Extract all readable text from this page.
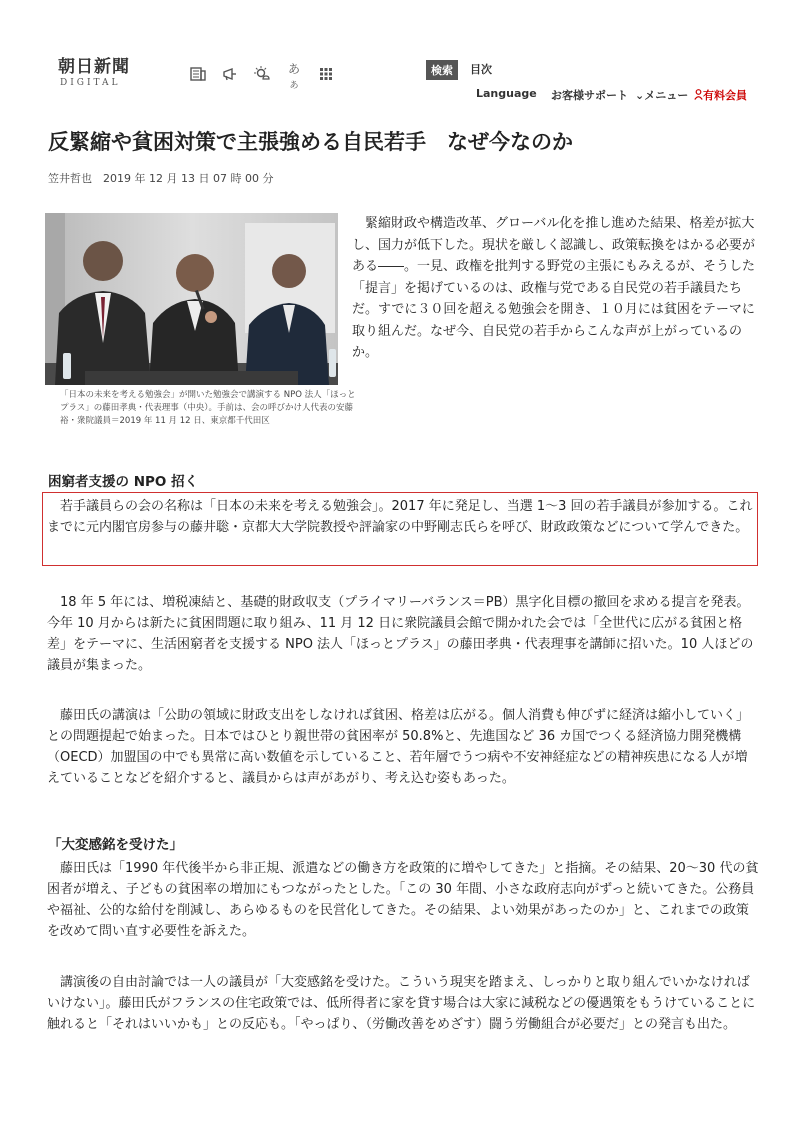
朝日新聞
DIGITAL
ああ
検索	目次
Language お客様サポート ⌄メニュー	有料会員
反緊縮や貧困対策で主張強める自民若手　なぜ今なのか
笠井哲也　2019 年 12 月 13 日 07 時 00 分
「日本の未来を考える勉強会」が開いた勉強会で講演する NPO 法人「ほっとプラス」の藤田孝典・代表理事（中央）。手前は、会の呼びかけ人代表の安藤裕・衆院議員＝2019 年 11 月 12 日、東京都千代田区
　緊縮財政や構造改革、グローバル化を推し進めた結果、格差が拡大し、国力が低下した。現状を厳しく認識し、政策転換をはかる必要がある――。一見、政権を批判する野党の主張にもみえるが、そうした「提言」を掲げているのは、政権与党である自民党の若手議員たちだ。すでに３０回を超える勉強会を開き、１０月には貧困をテーマに取り組んだ。なぜ今、自民党の若手からこんな声が上がっているのか。
困窮者支援の NPO 招く

　若手議員らの会の名称は「日本の未来を考える勉強会」。2017 年に発足し、当選 1～3 回の若手議員が参加する。これまでに元内閣官房参与の藤井聡・京都大大学院教授や評論家の中野剛志氏らを呼び、財政政策などについて学んできた。

　18 年 5 年には、増税凍結と、基礎的財政収支（プライマリーバランス＝PB）黒字化目標の撤回を求める提言を発表。今年 10 月からは新たに貧困問題に取り組み、11 月 12 日に衆院議員会館で開かれた会では「全世代に広がる貧困と格差」をテーマに、生活困窮者を支援する NPO 法人「ほっとプラス」の藤田孝典・代表理事を講師に招いた。10 人ほどの議員が集まった。

　藤田氏の講演は「公助の領域に財政支出をしなければ貧困、格差は広がる。個人消費も伸びずに経済は縮小していく」との問題提起で始まった。日本ではひとり親世帯の貧困率が 50.8%と、先進国など 36 カ国でつくる経済協力開発機構（OECD）加盟国の中でも異常に高い数値を示していること、若年層でうつ病や不安神経症などの精神疾患になる人が増えていることなどを紹介すると、議員からは声があがり、考え込む姿もあった。

「大変感銘を受けた」

　藤田氏は「1990 年代後半から非正規、派遣などの働き方を政策的に増やしてきた」と指摘。その結果、20～30 代の貧困者が増え、子どもの貧困率の増加にもつながったとした。「この 30 年間、小さな政府志向がずっと続いてきた。公務員や福祉、公的な給付を削減し、あらゆるものを民営化してきた。その結果、よい効果があったのか」と、これまでの政策を改めて問い直す必要性を訴えた。

　講演後の自由討論では一人の議員が「大変感銘を受けた。こういう現実を踏まえ、しっかりと取り組んでいかなければいけない」。藤田氏がフランスの住宅政策では、低所得者に家を貸す場合は大家に減税などの優遇策をもうけていることに触れると「それはいいかも」との反応も。「やっぱり、（労働改善をめざす）闘う労働組合が必要だ」との発言も出た。
